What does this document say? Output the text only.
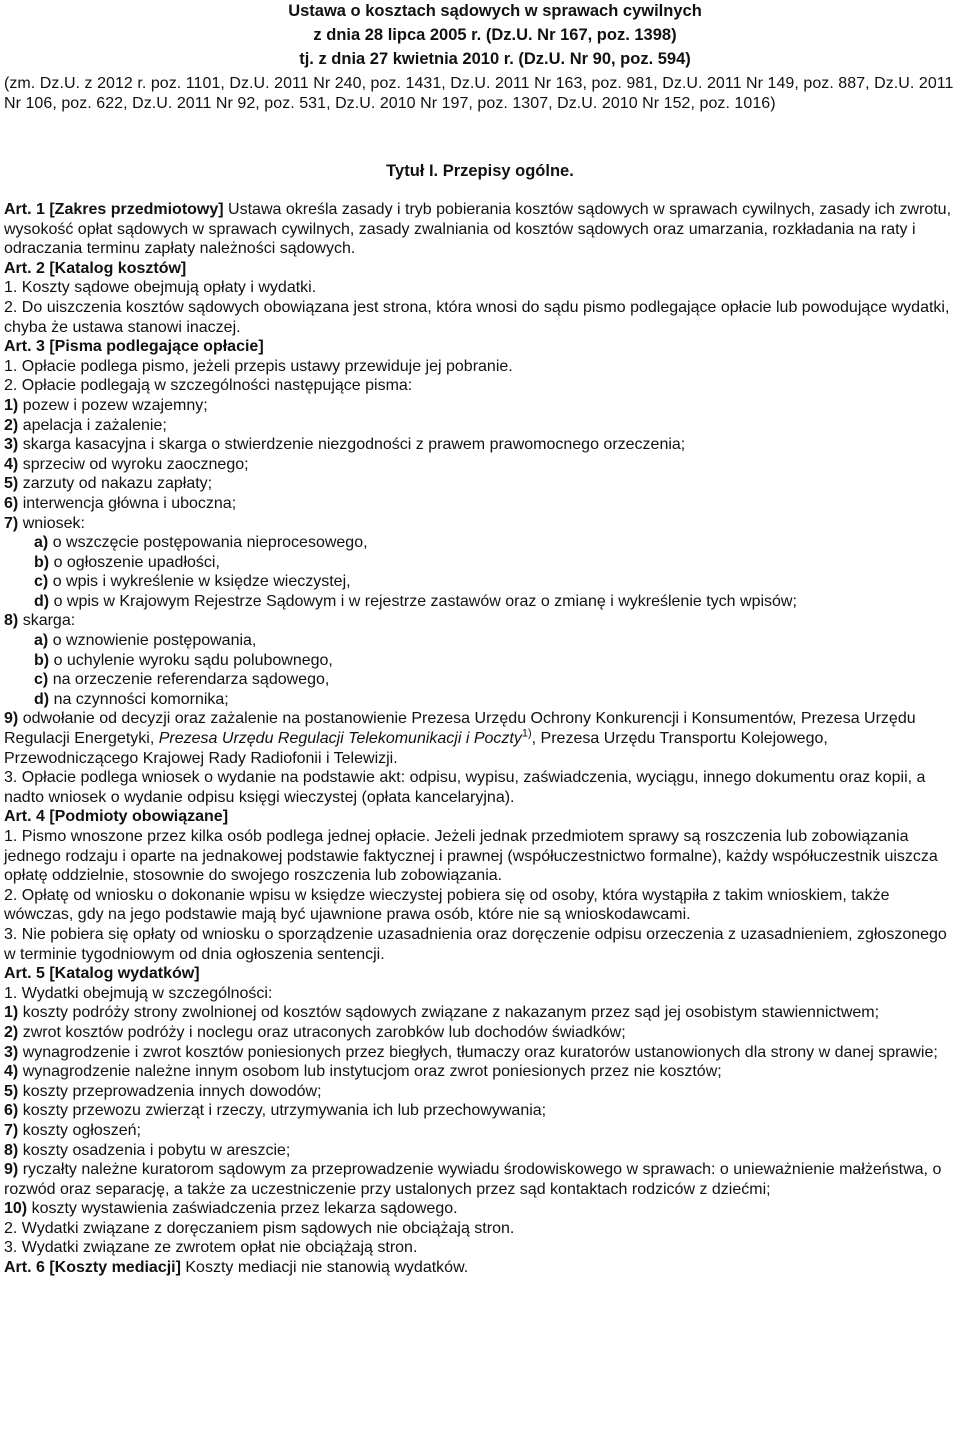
Ustawa o kosztach sądowych w sprawach cywilnych
z dnia 28 lipca 2005 r. (Dz.U. Nr 167, poz. 1398)
tj. z dnia 27 kwietnia 2010 r. (Dz.U. Nr 90, poz. 594)
(zm. Dz.U. z 2012 r. poz. 1101, Dz.U. 2011 Nr 240, poz. 1431, Dz.U. 2011 Nr 163, poz. 981, Dz.U. 2011 Nr 149, poz. 887, Dz.U. 2011 Nr 106, poz. 622, Dz.U. 2011 Nr 92, poz. 531, Dz.U. 2010 Nr 197, poz. 1307, Dz.U. 2010 Nr 152, poz. 1016)
Tytuł I. Przepisy ogólne.

Art. 1 [Zakres przedmiotowy] Ustawa określa zasady i tryb pobierania kosztów sądowych w sprawach cywilnych, zasady ich zwrotu, wysokość opłat sądowych w sprawach cywilnych, zasady zwalniania od kosztów sądowych oraz umarzania, rozkładania na raty i odraczania terminu zapłaty należności sądowych.

Art. 2 [Katalog kosztów]

1. Koszty sądowe obejmują opłaty i wydatki.

2. Do uiszczenia kosztów sądowych obowiązana jest strona, która wnosi do sądu pismo podlegające opłacie lub powodujące wydatki, chyba że ustawa stanowi inaczej.

Art. 3 [Pisma podlegające opłacie]

1. Opłacie podlega pismo, jeżeli przepis ustawy przewiduje jej pobranie.

2. Opłacie podlegają w szczególności następujące pisma:

1) pozew i pozew wzajemny;

2) apelacja i zażalenie;

3) skarga kasacyjna i skarga o stwierdzenie niezgodności z prawem prawomocnego orzeczenia;

4) sprzeciw od wyroku zaocznego;

5) zarzuty od nakazu zapłaty;

6) interwencja główna i uboczna;

7) wniosek:

a) o wszczęcie postępowania nieprocesowego,

b) o ogłoszenie upadłości,

c) o wpis i wykreślenie w księdze wieczystej,

d) o wpis w Krajowym Rejestrze Sądowym i w rejestrze zastawów oraz o zmianę i wykreślenie tych wpisów;

8) skarga:

a) o wznowienie postępowania,

b) o uchylenie wyroku sądu polubownego,

c) na orzeczenie referendarza sądowego,

d) na czynności komornika;

9) odwołanie od decyzji oraz zażalenie na postanowienie Prezesa Urzędu Ochrony Konkurencji i Konsumentów, Prezesa Urzędu Regulacji Energetyki, Prezesa Urzędu Regulacji Telekomunikacji i Poczty$^{1)}$, Prezesa Urzędu Transportu Kolejowego, Przewodniczącego Krajowej Rady Radiofonii i Telewizji.

3. Opłacie podlega wniosek o wydanie na podstawie akt: odpisu, wypisu, zaświadczenia, wyciągu, innego dokumentu oraz kopii, a nadto wniosek o wydanie odpisu księgi wieczystej (opłata kancelaryjna).

Art. 4 [Podmioty obowiązane]

1. Pismo wnoszone przez kilka osób podlega jednej opłacie. Jeżeli jednak przedmiotem sprawy są roszczenia lub zobowiązania jednego rodzaju i oparte na jednakowej podstawie faktycznej i prawnej (współuczestnictwo formalne), każdy współuczestnik uiszcza opłatę oddzielnie, stosownie do swojego roszczenia lub zobowiązania.

2. Opłatę od wniosku o dokonanie wpisu w księdze wieczystej pobiera się od osoby, która wystąpiła z takim wnioskiem, także wówczas, gdy na jego podstawie mają być ujawnione prawa osób, które nie są wnioskodawcami.

3. Nie pobiera się opłaty od wniosku o sporządzenie uzasadnienia oraz doręczenie odpisu orzeczenia z uzasadnieniem, zgłoszonego w terminie tygodniowym od dnia ogłoszenia sentencji.

Art. 5 [Katalog wydatków]

1. Wydatki obejmują w szczególności:

1) koszty podróży strony zwolnionej od kosztów sądowych związane z nakazanym przez sąd jej osobistym stawiennictwem;

2) zwrot kosztów podróży i noclegu oraz utraconych zarobków lub dochodów świadków;

3) wynagrodzenie i zwrot kosztów poniesionych przez biegłych, tłumaczy oraz kuratorów ustanowionych dla strony w danej sprawie;

4) wynagrodzenie należne innym osobom lub instytucjom oraz zwrot poniesionych przez nie kosztów;

5) koszty przeprowadzenia innych dowodów;

6) koszty przewozu zwierząt i rzeczy, utrzymywania ich lub przechowywania;

7) koszty ogłoszeń;

8) koszty osadzenia i pobytu w areszcie;

9) ryczałty należne kuratorom sądowym za przeprowadzenie wywiadu środowiskowego w sprawach: o unieważnienie małżeństwa, o rozwód oraz separację, a także za uczestniczenie przy ustalonych przez sąd kontaktach rodziców z dziećmi;

10) koszty wystawienia zaświadczenia przez lekarza sądowego.

2. Wydatki związane z doręczaniem pism sądowych nie obciążają stron.

3. Wydatki związane ze zwrotem opłat nie obciążają stron.

Art. 6 [Koszty mediacji] Koszty mediacji nie stanowią wydatków.
